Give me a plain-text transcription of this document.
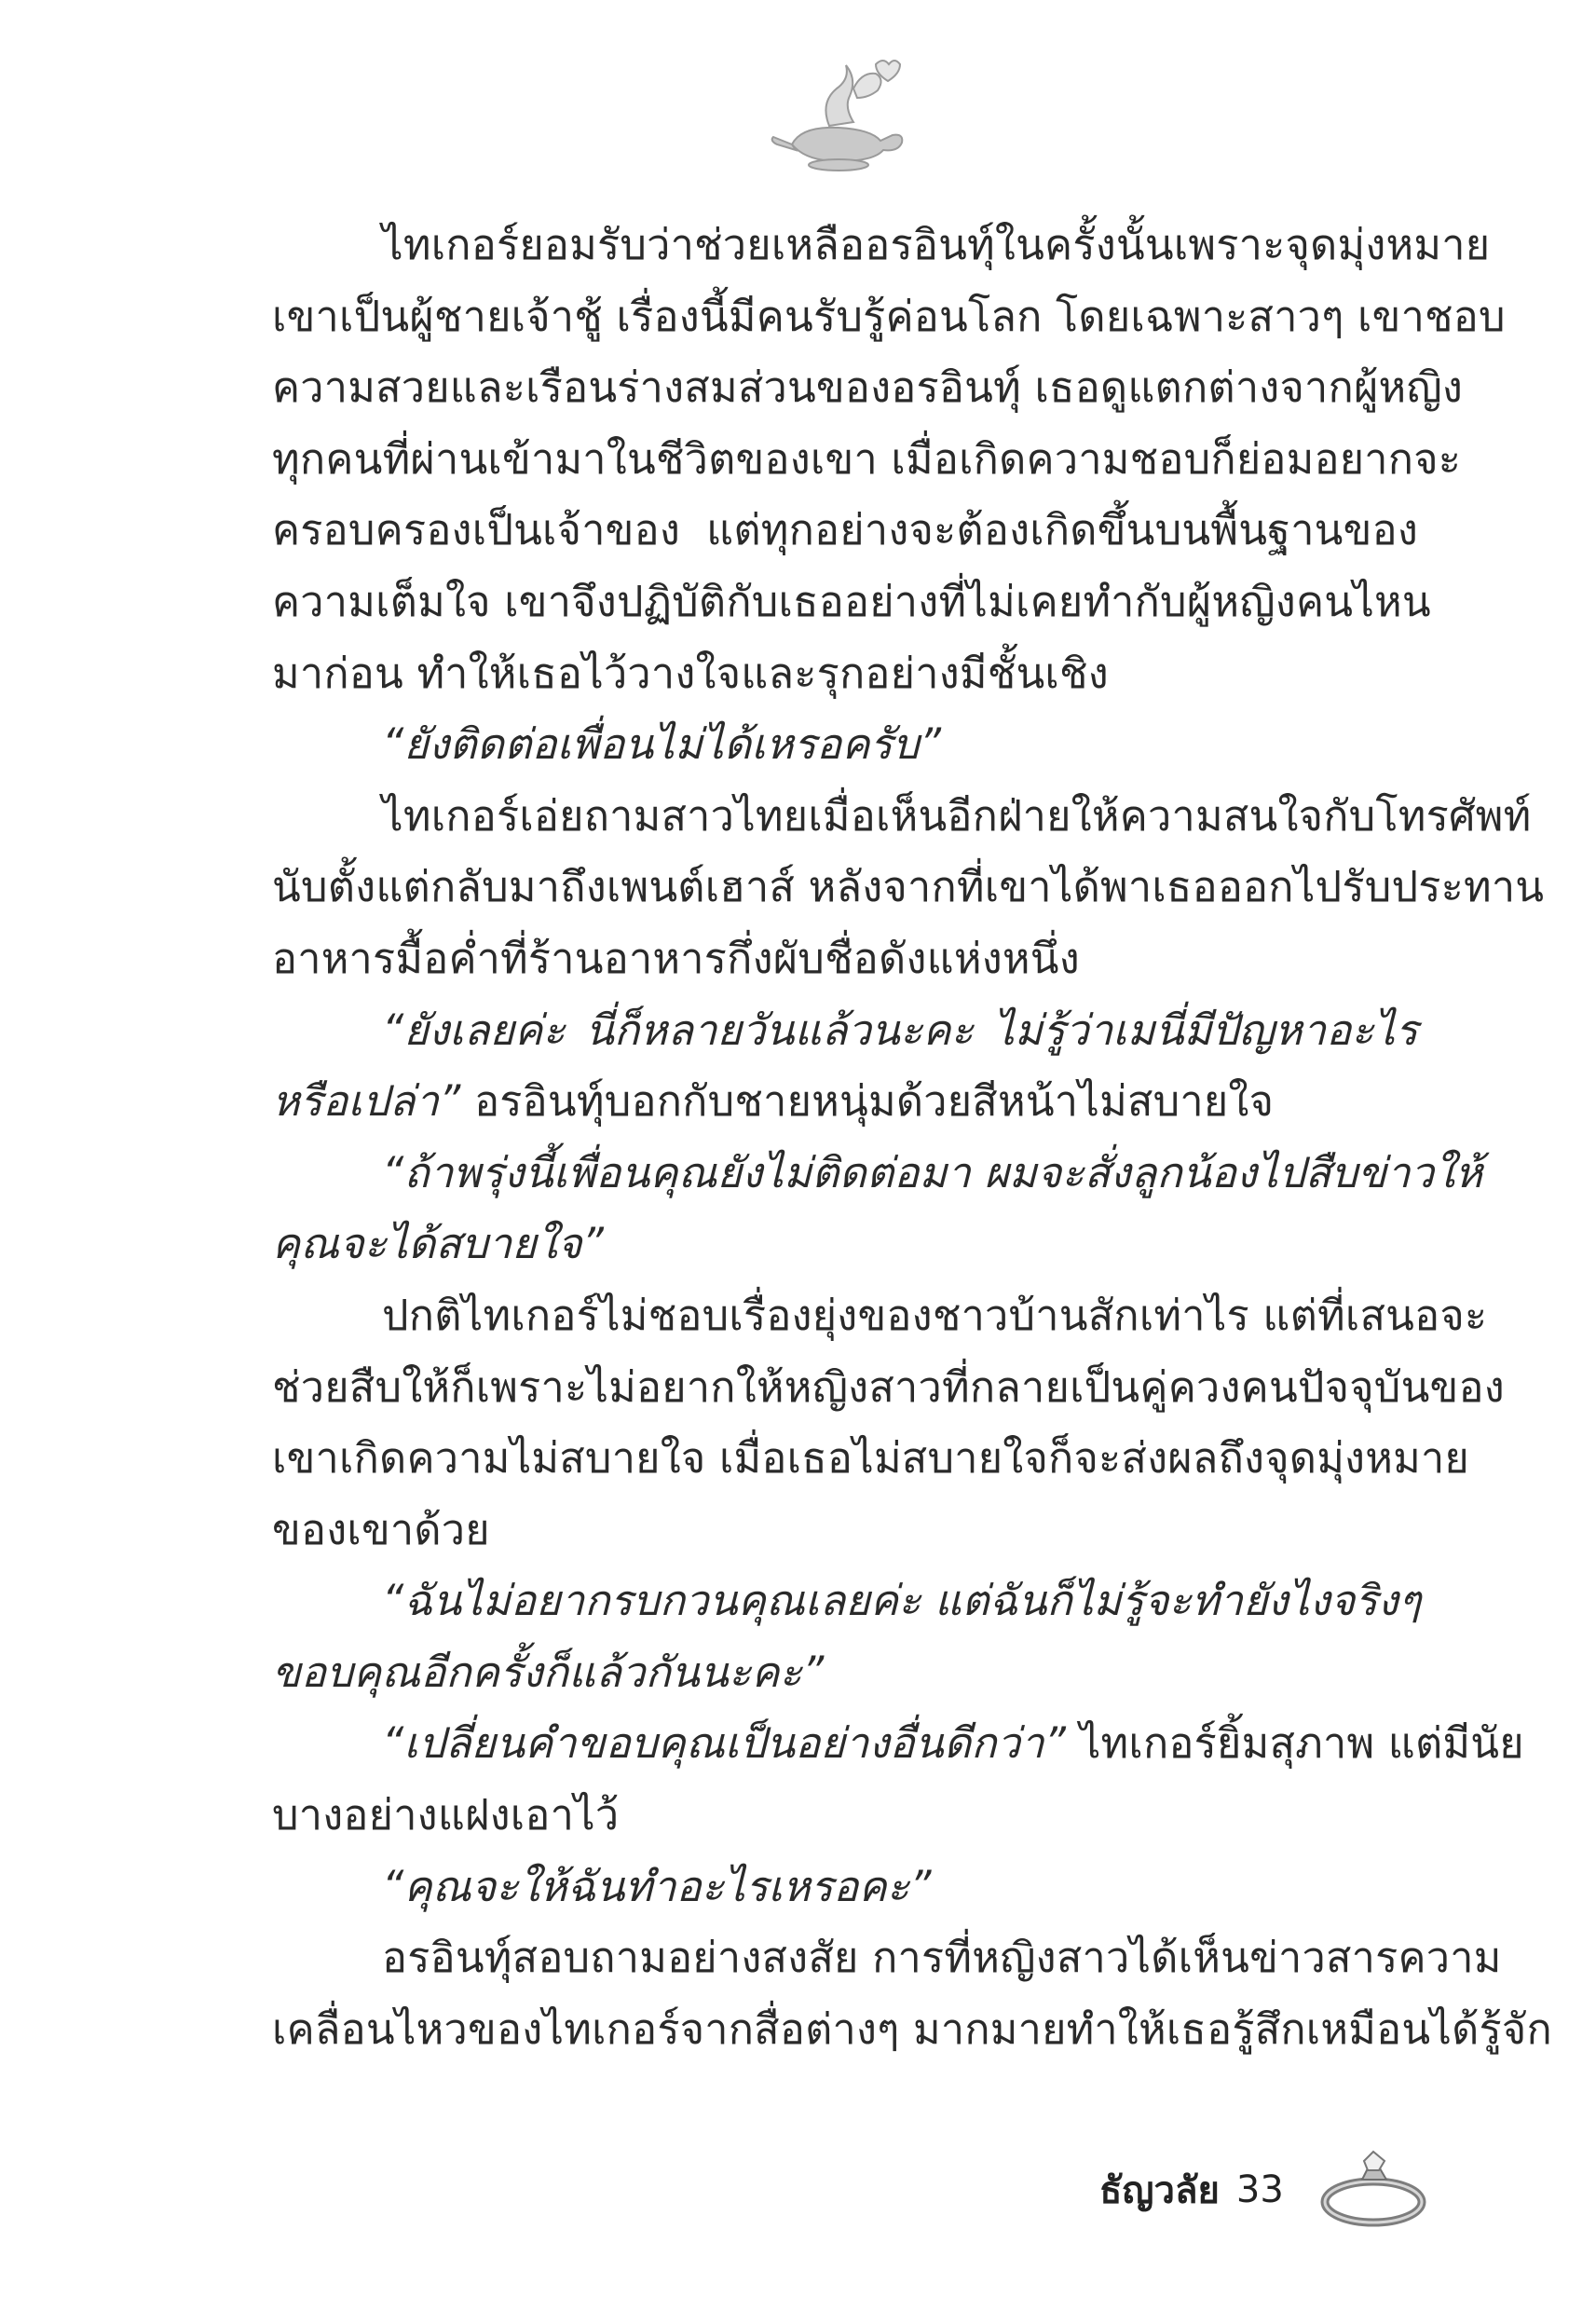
ไทเกอร์ยอมรับว่าช่วยเหลืออรอินทุ์ในครั้งนั้นเพราะจุดมุ่งหมาย
เขาเป็นผู้ชายเจ้าชู้ เรื่องนี้มีคนรับรู้ค่อนโลก โดยเฉพาะสาวๆ เขาชอบ
ความสวยและเรือนร่างสมส่วนของอรอินทุ์ เธอดูแตกต่างจากผู้หญิง
ทุกคนที่ผ่านเข้ามาในชีวิตของเขา เมื่อเกิดความชอบก็ย่อมอยากจะ
ครอบครองเป็นเจ้าของ แต่ทุกอย่างจะต้องเกิดขึ้นบนพื้นฐานของ
ความเต็มใจ เขาจึงปฏิบัติกับเธออย่างที่ไม่เคยทำกับผู้หญิงคนไหน
มาก่อน ทำให้เธอไว้วางใจและรุกอย่างมีชั้นเชิง
“ยังติดต่อเพื่อนไม่ได้เหรอครับ”
ไทเกอร์เอ่ยถามสาวไทยเมื่อเห็นอีกฝ่ายให้ความสนใจกับโทรศัพท์
นับตั้งแต่กลับมาถึงเพนต์เฮาส์ หลังจากที่เขาได้พาเธอออกไปรับประทาน
อาหารมื้อค่ำที่ร้านอาหารกึ่งผับชื่อดังแห่งหนึ่ง
“ยังเลยค่ะ นี่ก็หลายวันแล้วนะคะ ไม่รู้ว่าเมนี่มีปัญหาอะไร
หรือเปล่า” อรอินทุ์บอกกับชายหนุ่มด้วยสีหน้าไม่สบายใจ
“ถ้าพรุ่งนี้เพื่อนคุณยังไม่ติดต่อมา ผมจะสั่งลูกน้องไปสืบข่าวให้
คุณจะได้สบายใจ”
ปกติไทเกอร์ไม่ชอบเรื่องยุ่งของชาวบ้านสักเท่าไร แต่ที่เสนอจะ
ช่วยสืบให้ก็เพราะไม่อยากให้หญิงสาวที่กลายเป็นคู่ควงคนปัจจุบันของ
เขาเกิดความไม่สบายใจ เมื่อเธอไม่สบายใจก็จะส่งผลถึงจุดมุ่งหมาย
ของเขาด้วย
“ฉันไม่อยากรบกวนคุณเลยค่ะ แต่ฉันก็ไม่รู้จะทำยังไงจริงๆ
ขอบคุณอีกครั้งก็แล้วกันนะคะ”
“เปลี่ยนคำขอบคุณเป็นอย่างอื่นดีกว่า” ไทเกอร์ยิ้มสุภาพ แต่มีนัย
บางอย่างแฝงเอาไว้
“คุณจะให้ฉันทำอะไรเหรอคะ”
อรอินทุ์สอบถามอย่างสงสัย การที่หญิงสาวได้เห็นข่าวสารความ
เคลื่อนไหวของไทเกอร์จากสื่อต่างๆ มากมายทำให้เธอรู้สึกเหมือนได้รู้จัก
ธัญวลัย 33
